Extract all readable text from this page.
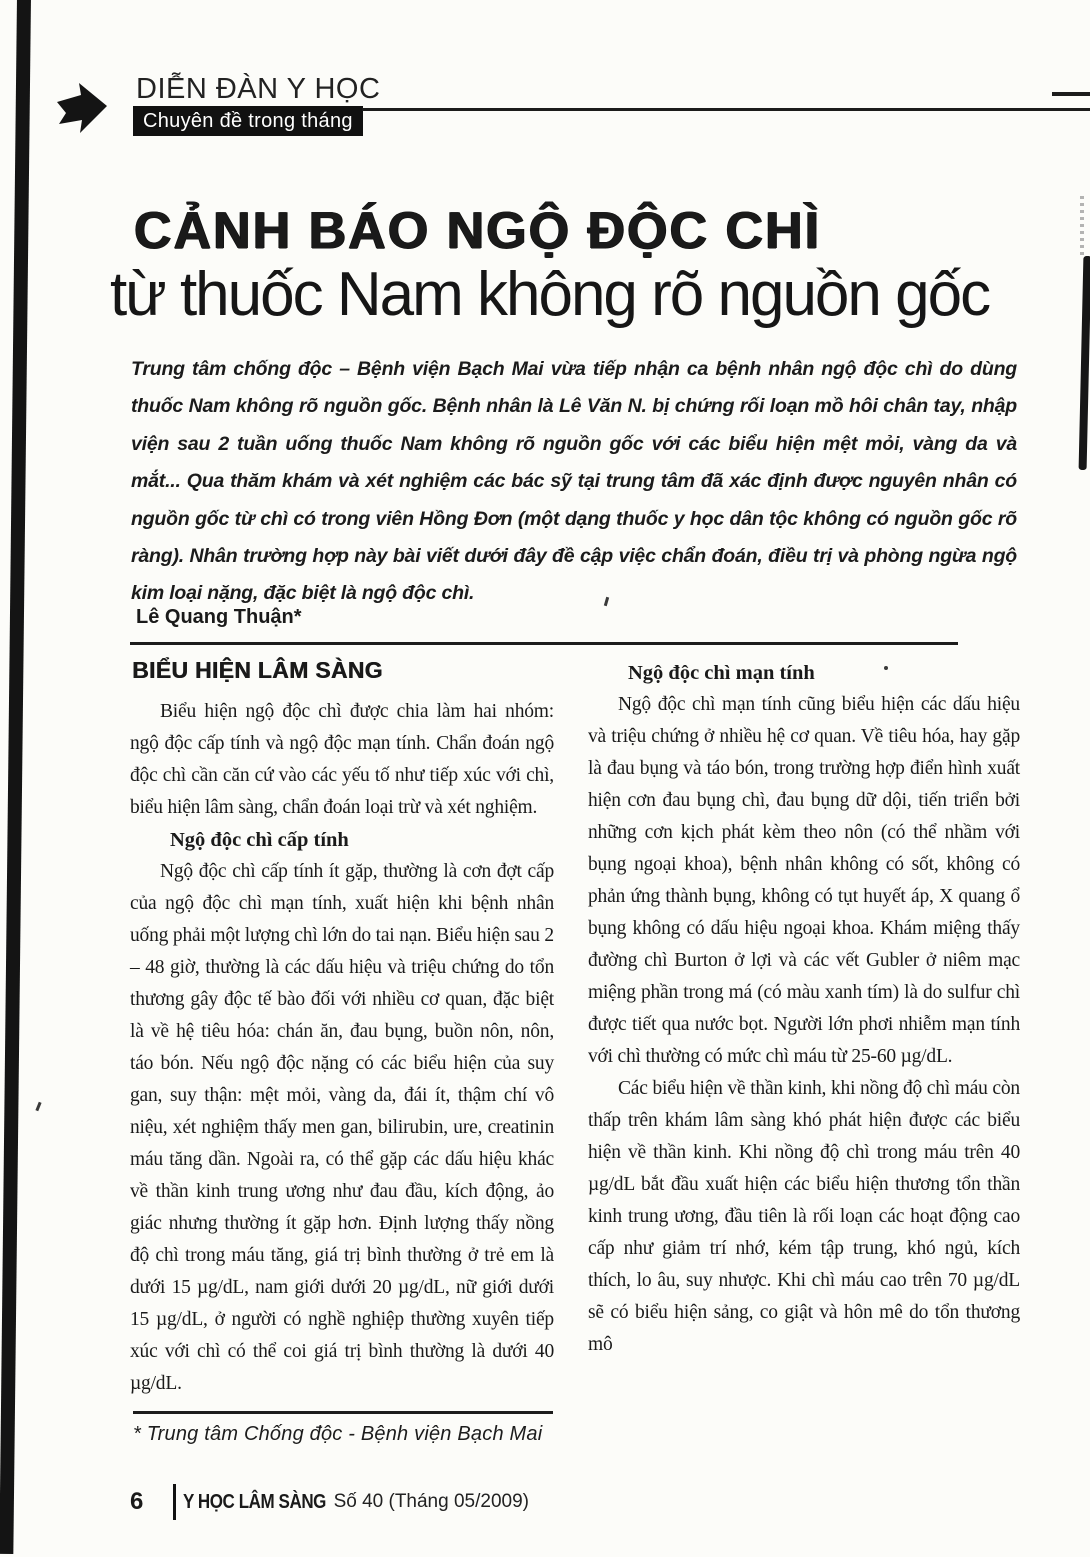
DIỄN ĐÀN Y HỌC
Chuyên đề trong tháng
CẢNH BÁO NGỘ ĐỘC CHÌ
từ thuốc Nam không rõ nguồn gốc
Trung tâm chống độc – Bệnh viện Bạch Mai vừa tiếp nhận ca bệnh nhân ngộ độc chì do dùng thuốc Nam không rõ nguồn gốc. Bệnh nhân là Lê Văn N. bị chứng rối loạn mồ hôi chân tay, nhập viện sau 2 tuần uống thuốc Nam không rõ nguồn gốc với các biểu hiện mệt mỏi, vàng da và mắt... Qua thăm khám và xét nghiệm các bác sỹ tại trung tâm đã xác định được nguyên nhân có nguồn gốc từ chì có trong viên Hồng Đơn (một dạng thuốc y học dân tộc không có nguồn gốc rõ ràng). Nhân trường hợp này bài viết dưới đây đề cập việc chẩn đoán, điều trị và phòng ngừa ngộ kim loại nặng, đặc biệt là ngộ độc chì.
Lê Quang Thuận*
BIỂU HIỆN LÂM SÀNG

Biểu hiện ngộ độc chì được chia làm hai nhóm: ngộ độc cấp tính và ngộ độc mạn tính. Chẩn đoán ngộ độc chì cần căn cứ vào các yếu tố như tiếp xúc với chì, biểu hiện lâm sàng, chẩn đoán loại trừ và xét nghiệm.

Ngộ độc chì cấp tính

Ngộ độc chì cấp tính ít gặp, thường là cơn đợt cấp của ngộ độc chì mạn tính, xuất hiện khi bệnh nhân uống phải một lượng chì lớn do tai nạn. Biểu hiện sau 2 – 48 giờ, thường là các dấu hiệu và triệu chứng do tổn thương gây độc tế bào đối với nhiều cơ quan, đặc biệt là về hệ tiêu hóa: chán ăn, đau bụng, buồn nôn, nôn, táo bón. Nếu ngộ độc nặng có các biểu hiện của suy gan, suy thận: mệt mỏi, vàng da, đái ít, thậm chí vô niệu, xét nghiệm thấy men gan, bilirubin, ure, creatinin máu tăng dần. Ngoài ra, có thể gặp các dấu hiệu khác về thần kinh trung ương như đau đầu, kích động, ảo giác nhưng thường ít gặp hơn. Định lượng thấy nồng độ chì trong máu tăng, giá trị bình thường ở trẻ em là dưới 15 µg/dL, nam giới dưới 20 µg/dL, nữ giới dưới 15 µg/dL, ở người có nghề nghiệp thường xuyên tiếp xúc với chì có thể coi giá trị bình thường là dưới 40 µg/dL.

Ngộ độc chì mạn tính

Ngộ độc chì mạn tính cũng biểu hiện các dấu hiệu và triệu chứng ở nhiều hệ cơ quan. Về tiêu hóa, hay gặp là đau bụng và táo bón, trong trường hợp điển hình xuất hiện cơn đau bụng chì, đau bụng dữ dội, tiến triển bởi những cơn kịch phát kèm theo nôn (có thể nhầm với bụng ngoại khoa), bệnh nhân không có sốt, không có phản ứng thành bụng, không có tụt huyết áp, X quang ổ bụng không có dấu hiệu ngoại khoa. Khám miệng thấy đường chì Burton ở lợi và các vết Gubler ở niêm mạc miệng phần trong má (có màu xanh tím) là do sulfur chì được tiết qua nước bọt. Người lớn phơi nhiễm mạn tính với chì thường có mức chì máu từ 25-60 µg/dL.

Các biểu hiện về thần kinh, khi nồng độ chì máu còn thấp trên khám lâm sàng khó phát hiện được các biểu hiện về thần kinh. Khi nồng độ chì trong máu trên 40 µg/dL bắt đầu xuất hiện các biểu hiện thương tổn thần kinh trung ương, đầu tiên là rối loạn các hoạt động cao cấp như giảm trí nhớ, kém tập trung, khó ngủ, kích thích, lo âu, suy nhược. Khi chì máu cao trên 70 µg/dL sẽ có biểu hiện sảng, co giật và hôn mê do tổn thương mô

* Trung tâm Chống độc - Bệnh viện Bạch Mai
6 Y HỌC LÂM SÀNG Số 40 (Tháng 05/2009)
